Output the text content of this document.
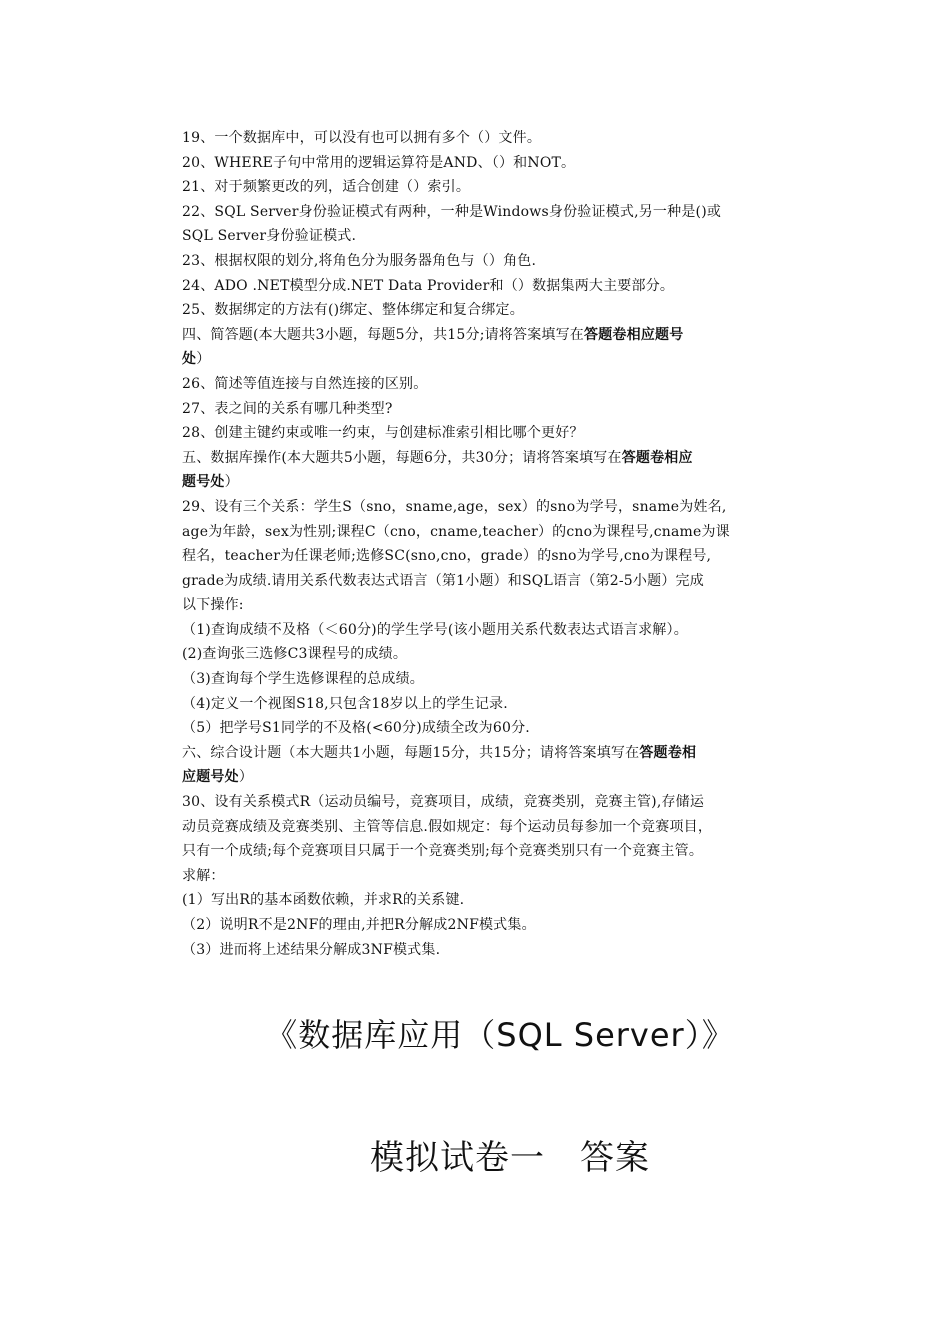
19、一个数据库中，可以没有也可以拥有多个（）文件。
20、WHERE子句中常用的逻辑运算符是AND、（）和NOT。
21、对于频繁更改的列，适合创建（）索引。
22、SQL Server身份验证模式有两种，一种是Windows身份验证模式,另一种是()或
SQL Server身份验证模式.
23、根据权限的划分,将角色分为服务器角色与（）角色.
24、ADO .NET模型分成.NET Data Provider和（）数据集两大主要部分。
25、数据绑定的方法有()绑定、整体绑定和复合绑定。
四、简答题(本大题共3小题，每题5分，共15分;请将答案填写在答题卷相应题号
处）
26、简述等值连接与自然连接的区别。
27、表之间的关系有哪几种类型?
28、创建主键约束或唯一约束，与创建标准索引相比哪个更好？
五、数据库操作(本大题共5小题，每题6分，共30分；请将答案填写在答题卷相应
题号处）
29、设有三个关系：学生S（sno，sname,age，sex）的sno为学号，sname为姓名,
age为年龄，sex为性别;课程C（cno，cname,teacher）的cno为课程号,cname为课
程名，teacher为任课老师;选修SC(sno,cno，grade）的sno为学号,cno为课程号,
grade为成绩.请用关系代数表达式语言（第1小题）和SQL语言（第2-5小题）完成
以下操作:
（1)查询成绩不及格（＜60分)的学生学号(该小题用关系代数表达式语言求解）。
(2)查询张三选修C3课程号的成绩。
（3)查询每个学生选修课程的总成绩。
（4)定义一个视图S18,只包含18岁以上的学生记录.
（5）把学号S1同学的不及格(<60分)成绩全改为60分.
六、综合设计题（本大题共1小题，每题15分，共15分；请将答案填写在答题卷相
应题号处）
30、设有关系模式R（运动员编号，竞赛项目，成绩，竞赛类别，竞赛主管),存储运
动员竞赛成绩及竞赛类别、主管等信息.假如规定：每个运动员每参加一个竞赛项目，
只有一个成绩;每个竞赛项目只属于一个竞赛类别;每个竞赛类别只有一个竞赛主管。
求解：
(1）写出R的基本函数依赖，并求R的关系键.
（2）说明R不是2NF的理由,并把R分解成2NF模式集。
（3）进而将上述结果分解成3NF模式集.
《数据库应用（SQL Server）》
模拟试卷一　答案
